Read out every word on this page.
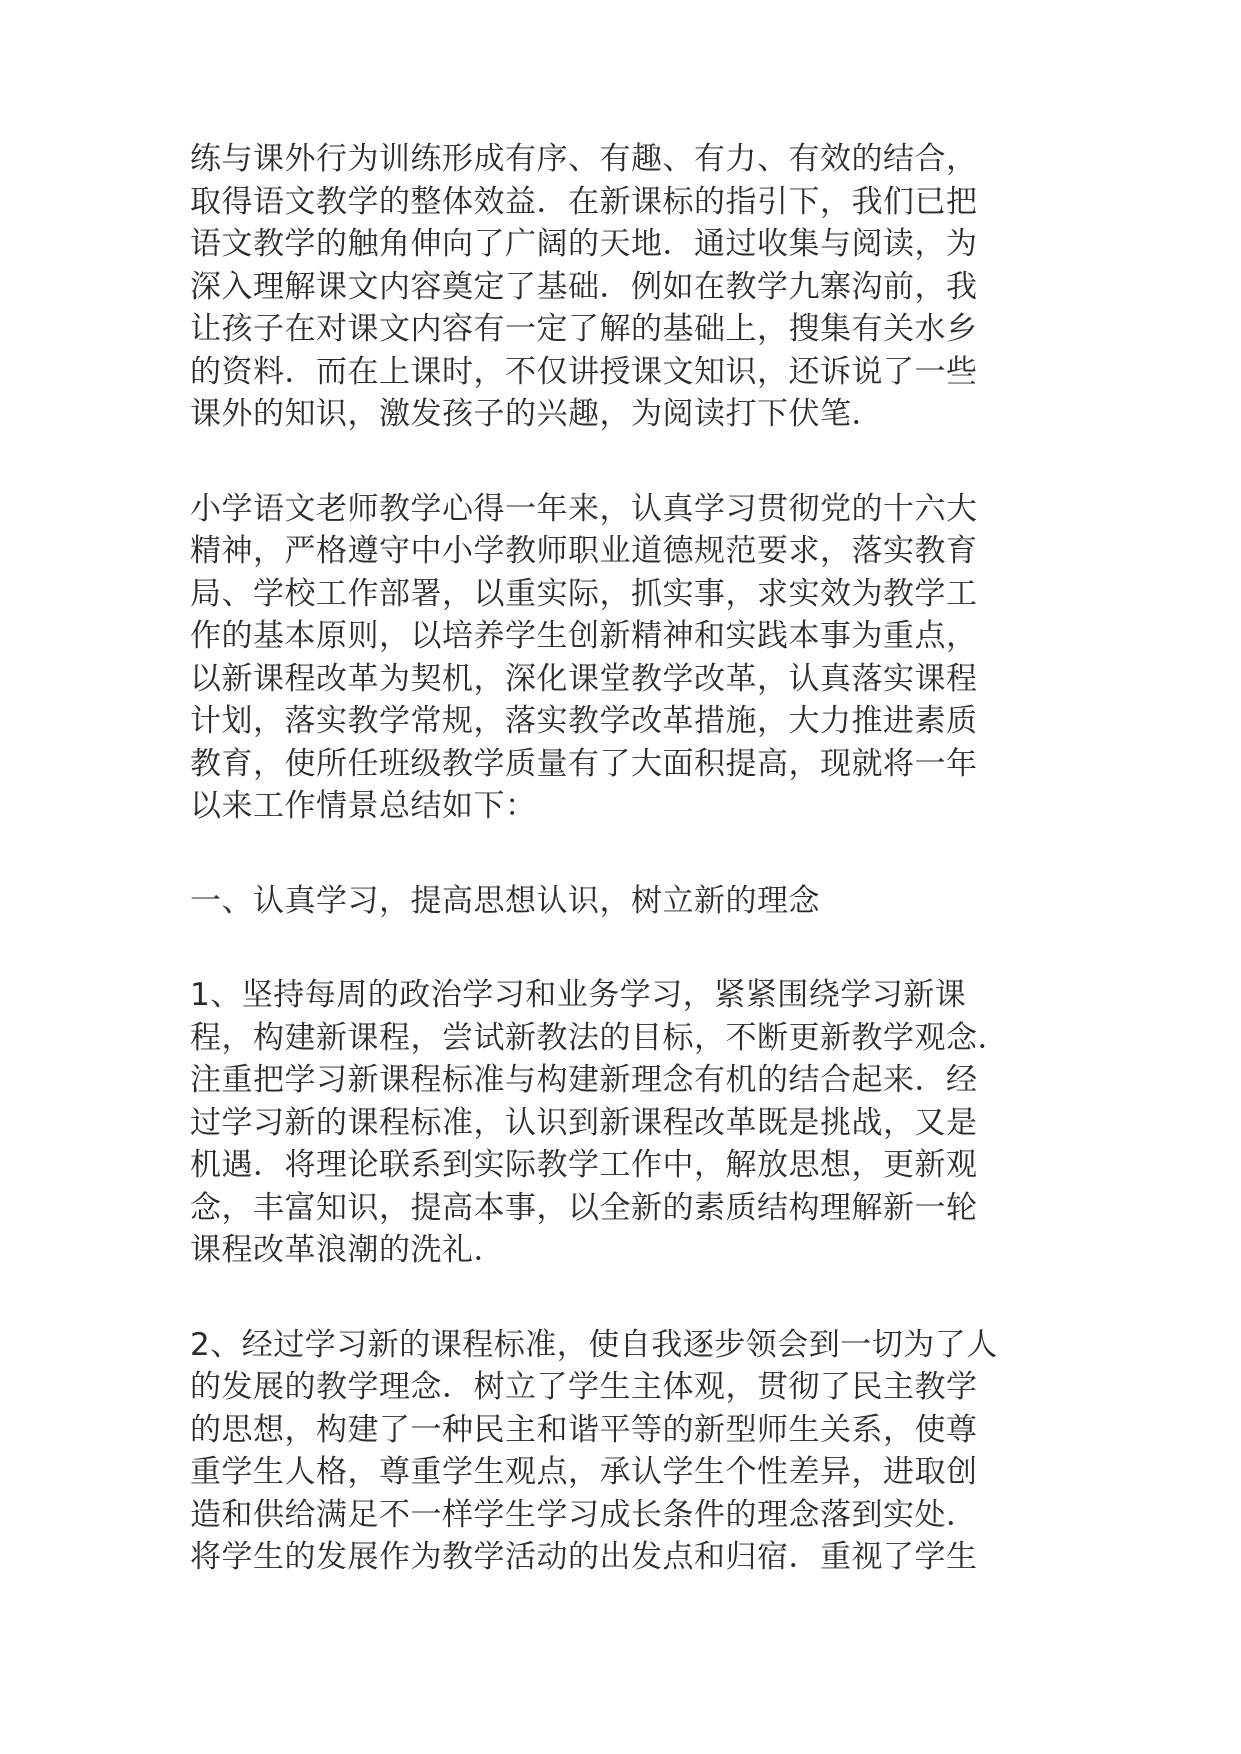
练与课外行为训练形成有序、有趣、有力、有效的结合，
取得语文教学的整体效益．在新课标的指引下，我们已把
语文教学的触角伸向了广阔的天地．通过收集与阅读，为
深入理解课文内容奠定了基础．例如在教学九寨沟前，我
让孩子在对课文内容有一定了解的基础上，搜集有关水乡
的资料．而在上课时，不仅讲授课文知识，还诉说了一些
课外的知识，激发孩子的兴趣，为阅读打下伏笔．
小学语文老师教学心得一年来，认真学习贯彻党的十六大
精神，严格遵守中小学教师职业道德规范要求，落实教育
局、学校工作部署，以重实际，抓实事，求实效为教学工
作的基本原则，以培养学生创新精神和实践本事为重点，
以新课程改革为契机，深化课堂教学改革，认真落实课程
计划，落实教学常规，落实教学改革措施，大力推进素质
教育，使所任班级教学质量有了大面积提高，现就将一年
以来工作情景总结如下：
一、认真学习，提高思想认识，树立新的理念
1、坚持每周的政治学习和业务学习，紧紧围绕学习新课
程，构建新课程，尝试新教法的目标，不断更新教学观念．
注重把学习新课程标准与构建新理念有机的结合起来．经
过学习新的课程标准，认识到新课程改革既是挑战，又是
机遇．将理论联系到实际教学工作中，解放思想，更新观
念，丰富知识，提高本事，以全新的素质结构理解新一轮
课程改革浪潮的洗礼．
2、经过学习新的课程标准，使自我逐步领会到一切为了人
的发展的教学理念．树立了学生主体观，贯彻了民主教学
的思想，构建了一种民主和谐平等的新型师生关系，使尊
重学生人格，尊重学生观点，承认学生个性差异，进取创
造和供给满足不一样学生学习成长条件的理念落到实处．
将学生的发展作为教学活动的出发点和归宿．重视了学生
